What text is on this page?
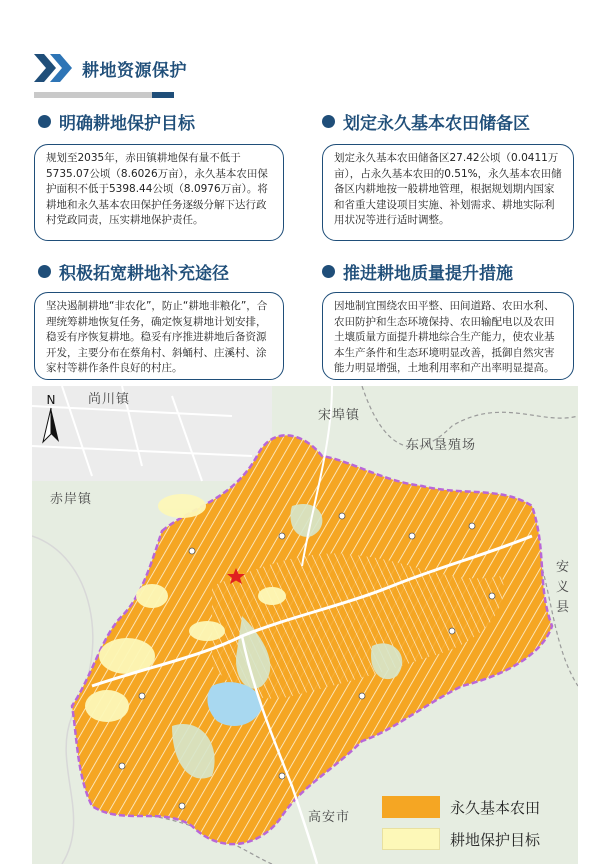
耕地资源保护
明确耕地保护目标
规划至2035年，赤田镇耕地保有量不低于5735.07公顷（8.6026万亩），永久基本农田保护面积不低于5398.44公顷（8.0976万亩）。将耕地和永久基本农田保护任务逐级分解下达行政村党政同责，压实耕地保护责任。
划定永久基本农田储备区
划定永久基本农田储备区27.42公顷（0.0411万亩），占永久基本农田的0.51%，永久基本农田储备区内耕地按一般耕地管理，根据规划期内国家和省重大建设项目实施、补划需求、耕地实际利用状况等进行适时调整。
积极拓宽耕地补充途径
坚决遏制耕地“非农化”，防止“耕地非粮化”，合理统筹耕地恢复任务，确定恢复耕地计划安排，稳妥有序恢复耕地。稳妥有序推进耕地后备资源开发，主要分布在蔡角村、斜蛹村、庄溪村、涂家村等耕作条件良好的村庄。
推进耕地质量提升措施
因地制宜围绕农田平整、田间道路、农田水利、农田防护和生态环境保持、农田输配电以及农田土壤质量方面提升耕地综合生产能力，使农业基本生产条件和生态环境明显改善，抵御自然灾害能力明显增强，土地利用率和产出率明显提高。
N	尚川镇
宋埠镇
东风垦殖场
赤岸镇
安义县
高安市
永久基本农田
耕地保护目标
